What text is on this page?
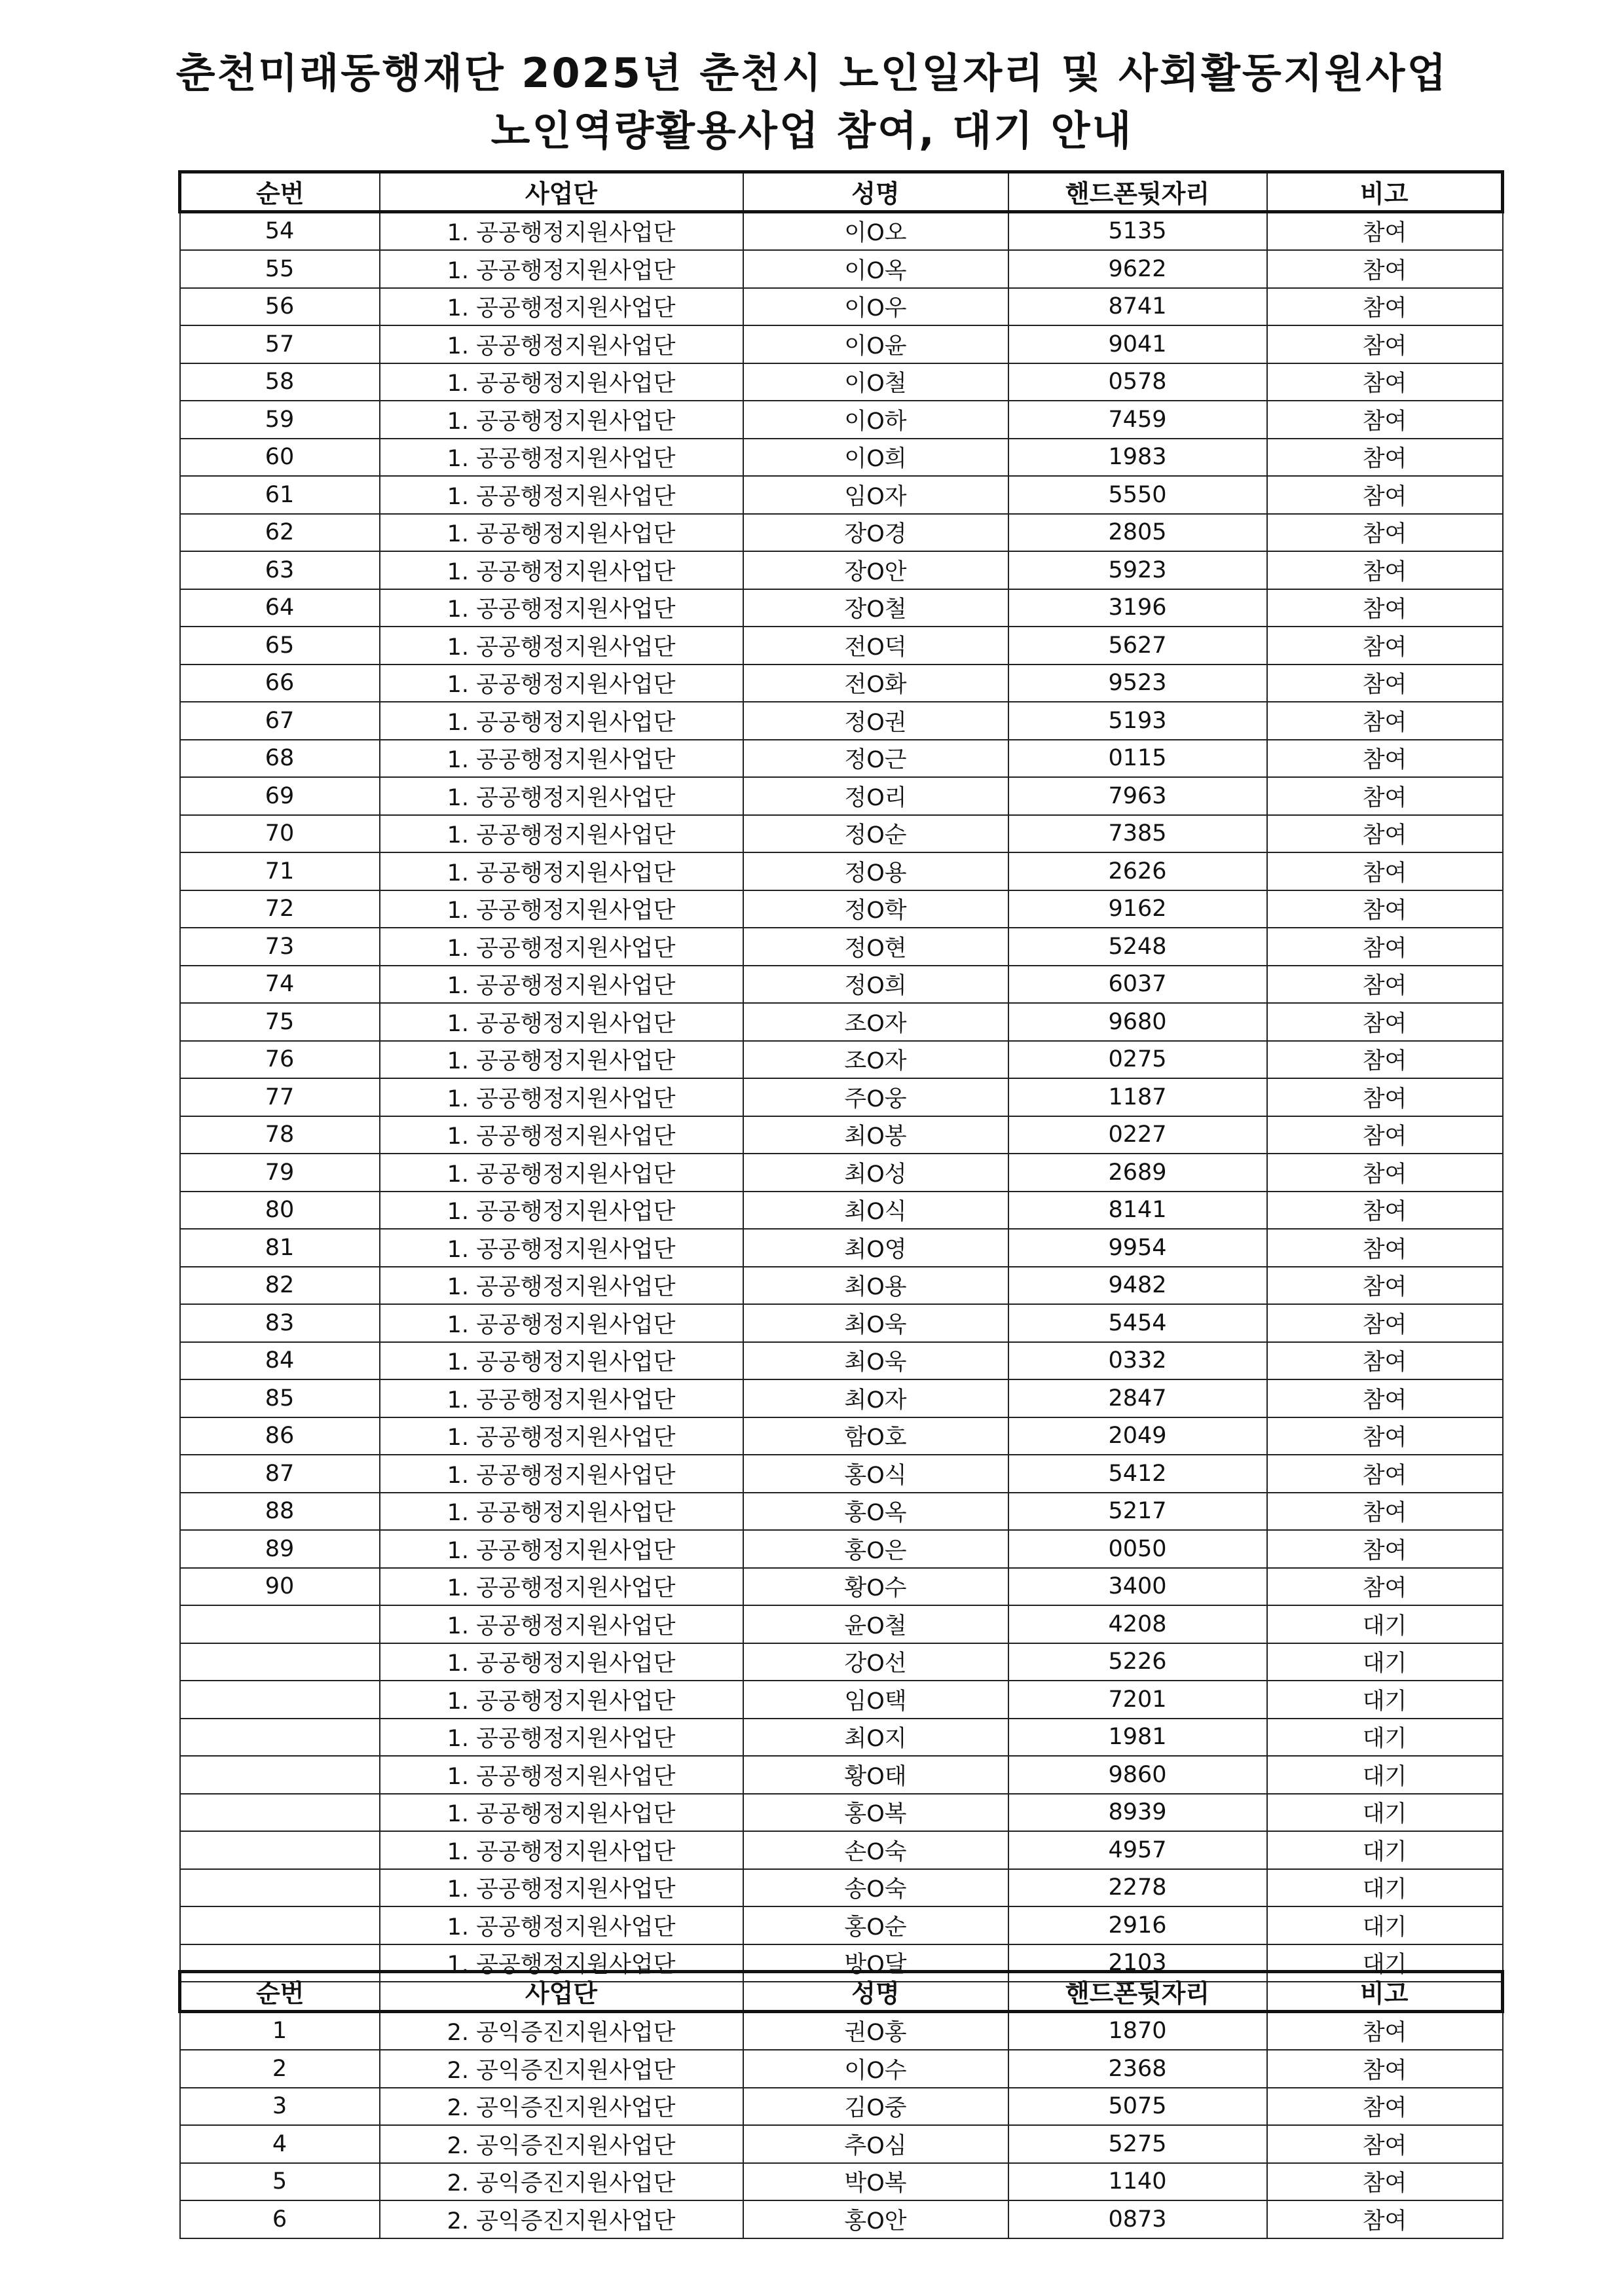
춘천미래동행재단 2025년 춘천시 노인일자리 및 사회활동지원사업
노인역량활용사업 참여, 대기 안내
순번	사업단	성명	핸드폰뒷자리	비고
54	1. 공공행정지원사업단	이O오	5135	참여
55	1. 공공행정지원사업단	이O옥	9622	참여
56	1. 공공행정지원사업단	이O우	8741	참여
57	1. 공공행정지원사업단	이O윤	9041	참여
58	1. 공공행정지원사업단	이O철	0578	참여
59	1. 공공행정지원사업단	이O하	7459	참여
60	1. 공공행정지원사업단	이O희	1983	참여
61	1. 공공행정지원사업단	임O자	5550	참여
62	1. 공공행정지원사업단	장O경	2805	참여
63	1. 공공행정지원사업단	장O안	5923	참여
64	1. 공공행정지원사업단	장O철	3196	참여
65	1. 공공행정지원사업단	전O덕	5627	참여
66	1. 공공행정지원사업단	전O화	9523	참여
67	1. 공공행정지원사업단	정O권	5193	참여
68	1. 공공행정지원사업단	정O근	0115	참여
69	1. 공공행정지원사업단	정O리	7963	참여
70	1. 공공행정지원사업단	정O순	7385	참여
71	1. 공공행정지원사업단	정O용	2626	참여
72	1. 공공행정지원사업단	정O학	9162	참여
73	1. 공공행정지원사업단	정O현	5248	참여
74	1. 공공행정지원사업단	정O희	6037	참여
75	1. 공공행정지원사업단	조O자	9680	참여
76	1. 공공행정지원사업단	조O자	0275	참여
77	1. 공공행정지원사업단	주O웅	1187	참여
78	1. 공공행정지원사업단	최O봉	0227	참여
79	1. 공공행정지원사업단	최O성	2689	참여
80	1. 공공행정지원사업단	최O식	8141	참여
81	1. 공공행정지원사업단	최O영	9954	참여
82	1. 공공행정지원사업단	최O용	9482	참여
83	1. 공공행정지원사업단	최O욱	5454	참여
84	1. 공공행정지원사업단	최O욱	0332	참여
85	1. 공공행정지원사업단	최O자	2847	참여
86	1. 공공행정지원사업단	함O호	2049	참여
87	1. 공공행정지원사업단	홍O식	5412	참여
88	1. 공공행정지원사업단	홍O옥	5217	참여
89	1. 공공행정지원사업단	홍O은	0050	참여
90	1. 공공행정지원사업단	황O수	3400	참여
	1. 공공행정지원사업단	윤O철	4208	대기
	1. 공공행정지원사업단	강O선	5226	대기
	1. 공공행정지원사업단	임O택	7201	대기
	1. 공공행정지원사업단	최O지	1981	대기
	1. 공공행정지원사업단	황O태	9860	대기
	1. 공공행정지원사업단	홍O복	8939	대기
	1. 공공행정지원사업단	손O숙	4957	대기
	1. 공공행정지원사업단	송O숙	2278	대기
	1. 공공행정지원사업단	홍O순	2916	대기
	1. 공공행정지원사업단	방O달	2103	대기
순번	사업단	성명	핸드폰뒷자리	비고
1	2. 공익증진지원사업단	권O홍	1870	참여
2	2. 공익증진지원사업단	이O수	2368	참여
3	2. 공익증진지원사업단	김O중	5075	참여
4	2. 공익증진지원사업단	추O심	5275	참여
5	2. 공익증진지원사업단	박O복	1140	참여
6	2. 공익증진지원사업단	홍O안	0873	참여
